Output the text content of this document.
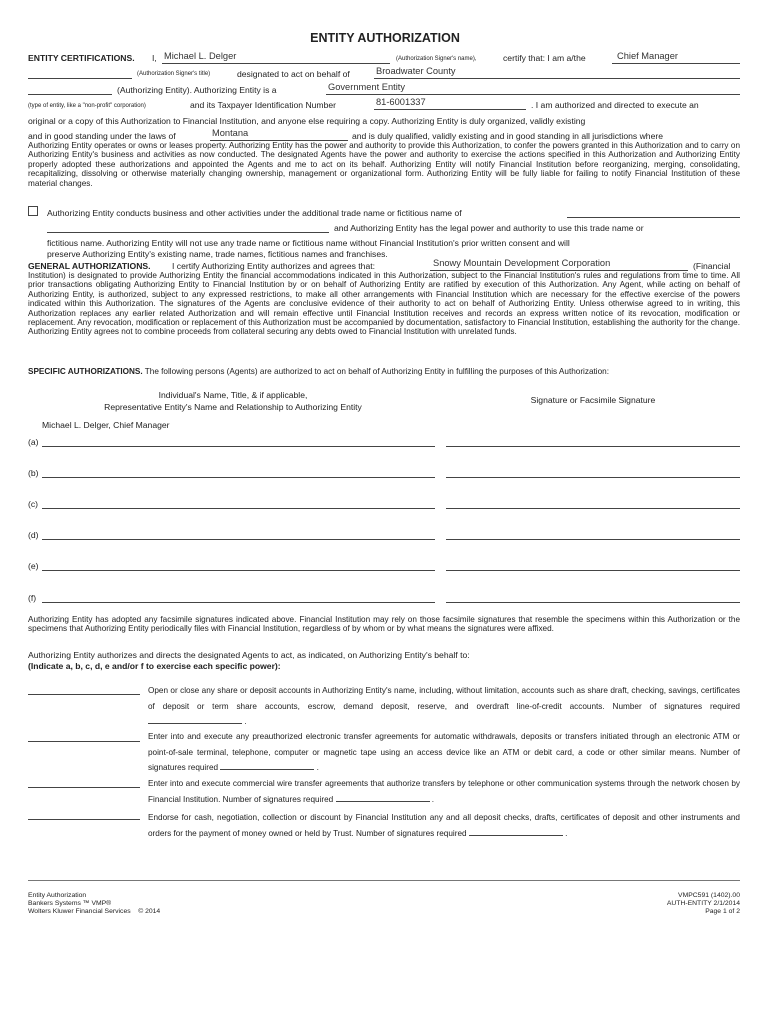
ENTITY AUTHORIZATION
ENTITY CERTIFICATIONS. I, Michael L. Delger	(Authorization Signer's name),	certify that: I am a/the	Chief Manager
(Authorization Signer's title)	designated to act on behalf of	Broadwater County
(Authorizing Entity). Authorizing Entity is a	Government Entity
(type of entity, like a "non-profit" corporation)	and its Taxpayer Identification Number	81-6001337	. I am authorized and directed to execute an
original or a copy of this Authorization to Financial Institution, and anyone else requiring a copy. Authorizing Entity is duly organized, validly existing
and in good standing under the laws of	Montana	and is duly qualified, validly existing and in good standing in all jurisdictions where

Authorizing Entity operates or owns or leases property. Authorizing Entity has the power and authority to provide this Authorization, to confer the powers granted in this Authorization and to carry on Authorizing Entity's business and activities as now conducted. The designated Agents have the power and authority to exercise the actions specified in this Authorization and Authorizing Entity properly adopted these authorizations and appointed the Agents and me to act on its behalf. Authorizing Entity will notify Financial Institution before reorganizing, merging, consolidating, recapitalizing, dissolving or otherwise materially changing ownership, management or organizational form. Authorizing Entity will be fully liable for failing to notify Financial Institution of these material changes.

Authorizing Entity conducts business and other activities under the additional trade name or fictitious name of
and Authorizing Entity has the legal power and authority to use this trade name or
fictitious name. Authorizing Entity will not use any trade name or fictitious name without Financial Institution's prior written consent and will
preserve Authorizing Entity's existing name, trade names, fictitious names and franchises.
GENERAL AUTHORIZATIONS. I certify Authorizing Entity authorizes and agrees that:	Snowy Mountain Development Corporation	(Financial

Institution) is designated to provide Authorizing Entity the financial accommodations indicated in this Authorization, subject to the Financial Institution's rules and regulations from time to time. All prior transactions obligating Authorizing Entity to Financial Institution by or on behalf of Authorizing Entity are ratified by execution of this Authorization. Any Agent, while acting on behalf of Authorizing Entity, is authorized, subject to any expressed restrictions, to make all other arrangements with Financial Institution which are necessary for the effective exercise of the powers indicated within this Authorization. The signatures of the Agents are conclusive evidence of their authority to act on behalf of Authorizing Entity. Unless otherwise agreed to in writing, this Authorization replaces any earlier related Authorization and will remain effective until Financial Institution receives and records an express written notice of its revocation, modification or replacement. Any revocation, modification or replacement of this Authorization must be accompanied by documentation, satisfactory to Financial Institution, establishing the authority for the change. Authorizing Entity agrees not to combine proceeds from collateral securing any debts owed to Financial Institution with unrelated funds.

SPECIFIC AUTHORIZATIONS. The following persons (Agents) are authorized to act on behalf of Authorizing Entity in fulfilling the purposes of this Authorization:

Individual's Name, Title, & if applicable,
Representative Entity's Name and Relationship to Authorizing Entity
Signature or Facsimile Signature
Michael L. Delger, Chief Manager
(a)
(b)
(c)
(d)
(e)
(f)

Authorizing Entity has adopted any facsimile signatures indicated above. Financial Institution may rely on those facsimile signatures that resemble the specimens within this Authorization or the specimens that Authorizing Entity periodically files with Financial Institution, regardless of by whom or by what means the signatures were affixed.

Authorizing Entity authorizes and directs the designated Agents to act, as indicated, on Authorizing Entity's behalf to:
(Indicate a, b, c, d, e and/or f to exercise each specific power):

Open or close any share or deposit accounts in Authorizing Entity's name, including, without limitation, accounts such as share draft, checking, savings, certificates of deposit or term share accounts, escrow, demand deposit, reserve, and overdraft line-of-credit accounts. Number of signatures required  .

Enter into and execute any preauthorized electronic transfer agreements for automatic withdrawals, deposits or transfers initiated through an electronic ATM or point-of-sale terminal, telephone, computer or magnetic tape using an access device like an ATM or debit card, a code or other similar means. Number of signatures required	.

Enter into and execute commercial wire transfer agreements that authorize transfers by telephone or other communication systems through the network chosen by Financial Institution. Number of signatures required	.

Endorse for cash, negotiation, collection or discount by Financial Institution any and all deposit checks, drafts, certificates of deposit and other instruments and orders for the payment of money owned or held by Trust. Number of signatures required	.

Entity Authorization
Bankers Systems ™ VMP®
Wolters Kluwer Financial Services © 2014
VMPC591 (1402).00
AUTH-ENTITY 2/1/2014
Page 1 of 2
